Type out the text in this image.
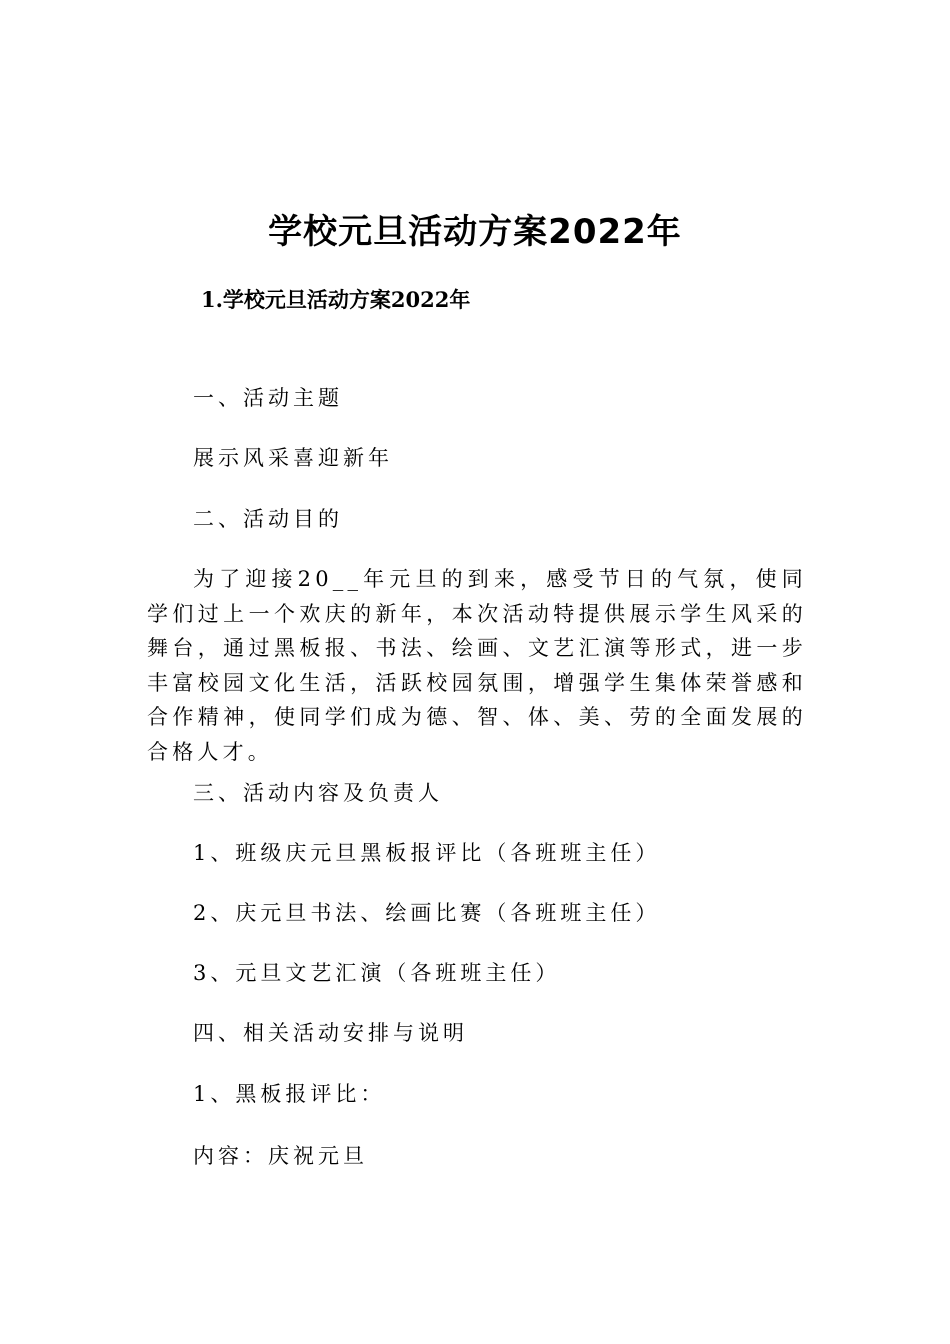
学校元旦活动方案2022年
1.学校元旦活动方案2022年

一、活动主题

展示风采喜迎新年

二、活动目的

为了迎接20__年元旦的到来，感受节日的气氛，使同学们过上一个欢庆的新年，本次活动特提供展示学生风采的舞台，通过黑板报、书法、绘画、文艺汇演等形式，进一步丰富校园文化生活，活跃校园氛围，增强学生集体荣誉感和合作精神，使同学们成为德、智、体、美、劳的全面发展的合格人才。

三、活动内容及负责人

1、班级庆元旦黑板报评比（各班班主任）

2、庆元旦书法、绘画比赛（各班班主任）

3、元旦文艺汇演（各班班主任）

四、相关活动安排与说明

1、黑板报评比：

内容：庆祝元旦
